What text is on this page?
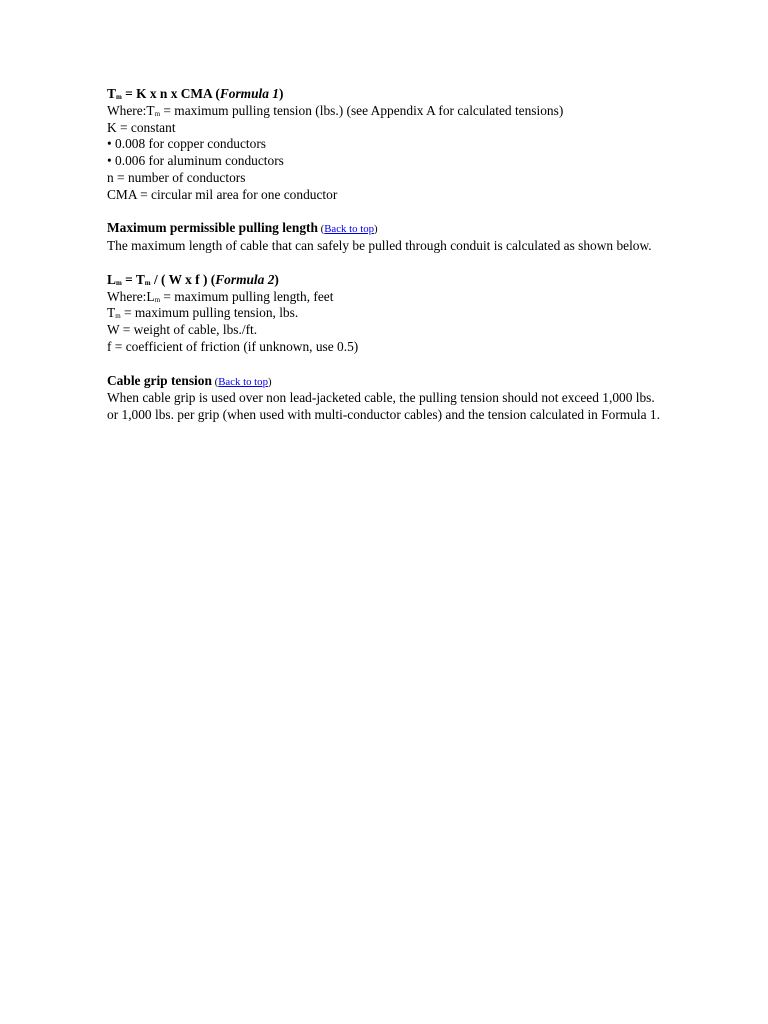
$T_m = K$ x n x CMA (Formula 1)
$Where:T_m$ = maximum pulling tension (lbs.) (see Appendix A for calculated tensions)
K = constant
• 0.008 for copper conductors
• 0.006 for aluminum conductors
n = number of conductors
CMA = circular mil area for one conductor
Maximum permissible pulling length (Back to top)
The maximum length of cable that can safely be pulled through conduit is calculated as shown below.
$L_m = T_m$ / ( W x f ) (Formula 2)
$Where:L_m$ = maximum pulling length, feet
$T_m$ = maximum pulling tension, lbs.
W = weight of cable, lbs./ft.
f = coefficient of friction (if unknown, use 0.5)
Cable grip tension (Back to top)
When cable grip is used over non lead-jacketed cable, the pulling tension should not exceed 1,000 lbs. or 1,000 lbs. per grip (when used with multi-conductor cables) and the tension calculated in Formula 1.
